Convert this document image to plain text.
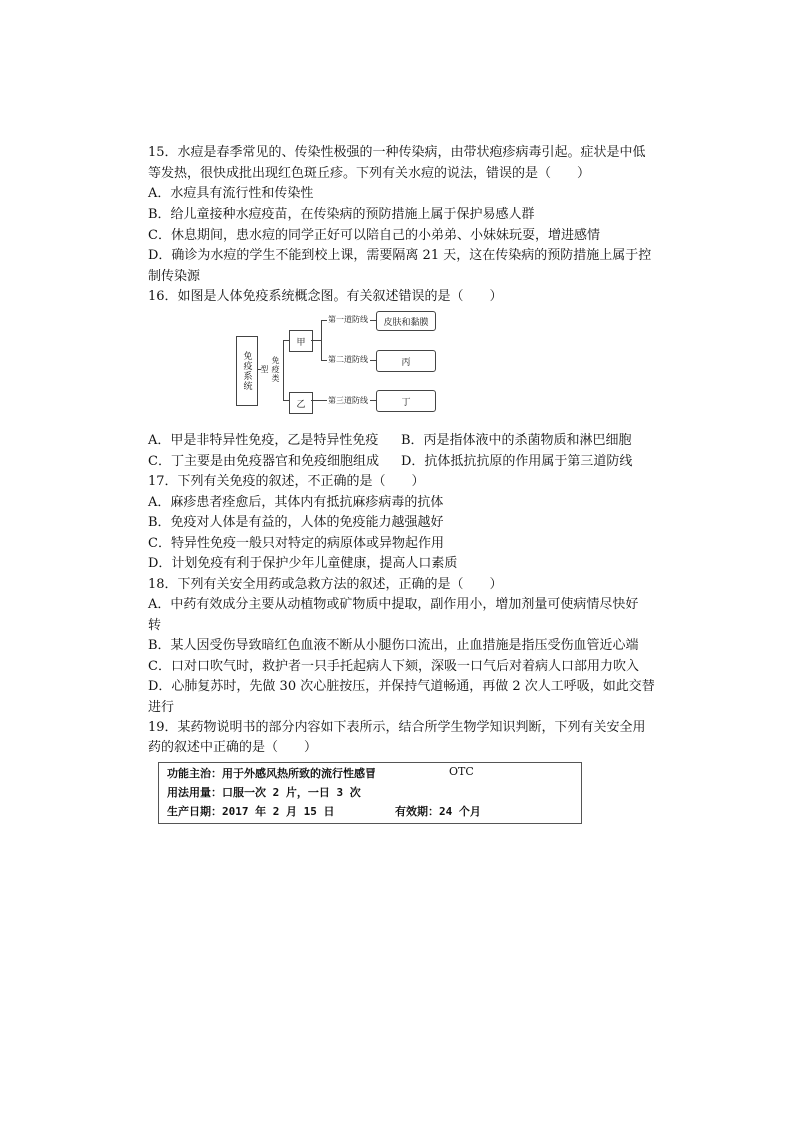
15．水痘是春季常见的、传染性极强的一种传染病，由带状疱疹病毒引起。症状是中低
等发热，很快成批出现红色斑丘疹。下列有关水痘的说法，错误的是（　　）
A．水痘具有流行性和传染性
B．给儿童接种水痘疫苗，在传染病的预防措施上属于保护易感人群
C．休息期间，患水痘的同学正好可以陪自己的小弟弟、小妹妹玩耍，增进感情
D．确诊为水痘的学生不能到校上课，需要隔离 21 天，这在传染病的预防措施上属于控
制传染源
16．如图是人体免疫系统概念图。有关叙述错误的是（　　）
免疫系统	免疫类型
甲
乙
第一道防线
第二道防线
第三道防线
皮肤和黏膜
丙
丁
A．甲是非特异性免疫，乙是特异性免疫 B．丙是指体液中的杀菌物质和淋巴细胞
C．丁主要是由免疫器官和免疫细胞组成 D．抗体抵抗抗原的作用属于第三道防线
17．下列有关免疫的叙述，不正确的是（　　）
A．麻疹患者痊愈后，其体内有抵抗麻疹病毒的抗体
B．免疫对人体是有益的，人体的免疫能力越强越好
C．特异性免疫一般只对特定的病原体或异物起作用
D．计划免疫有利于保护少年儿童健康，提高人口素质
18．下列有关安全用药或急救方法的叙述，正确的是（　　）
A．中药有效成分主要从动植物或矿物质中提取，副作用小，增加剂量可使病情尽快好
转
B．某人因受伤导致暗红色血液不断从小腿伤口流出，止血措施是指压受伤血管近心端
C．口对口吹气时，救护者一只手托起病人下颏，深吸一口气后对着病人口部用力吹入
D．心肺复苏时，先做 30 次心脏按压，并保持气道畅通，再做 2 次人工呼吸，如此交替
进行
19．某药物说明书的部分内容如下表所示，结合所学生物学知识判断，下列有关安全用
药的叙述中正确的是（　　）
功能主治：用于外感风热所致的流行性感冒	OTC
用法用量：口服一次 2 片，一日 3 次
生产日期：2017 年 2 月 15 日	有效期：24 个月
